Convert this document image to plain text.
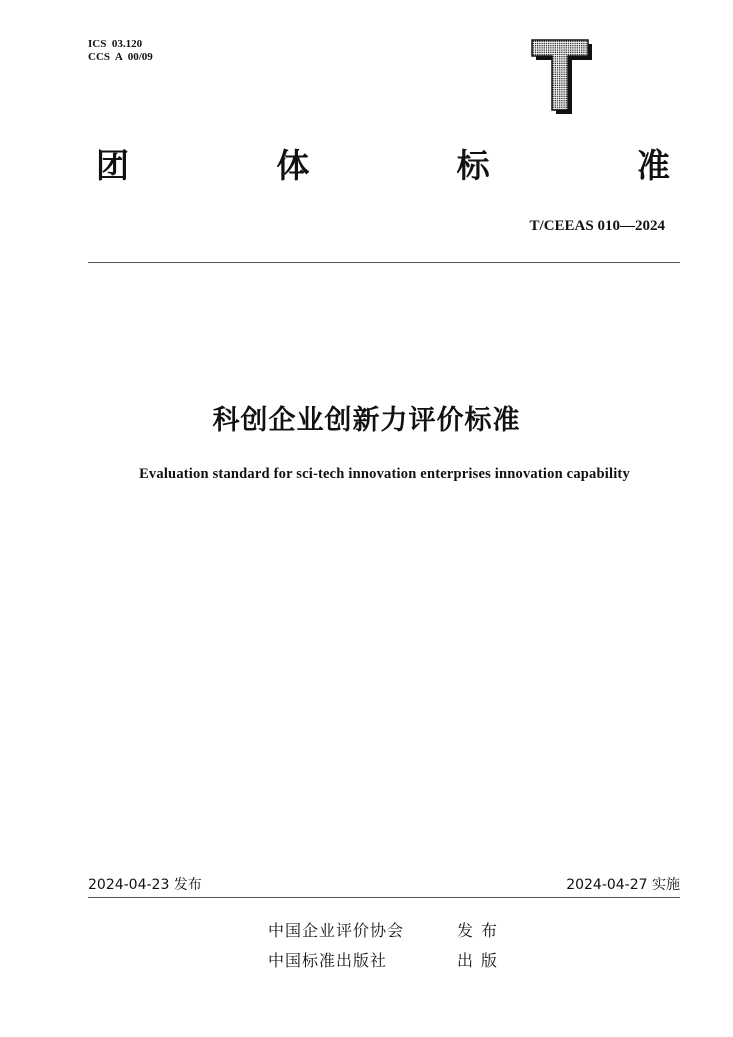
ICS  03.120
CCS  A  00/09
团	体	标	准
T/CEEAS 010—2024
科创企业创新力评价标准
Evaluation standard for sci-tech innovation enterprises innovation capability
2024-04-23 发布	2024-04-27 实施
中国企业评价协会	发布
中国标准出版社	出版
